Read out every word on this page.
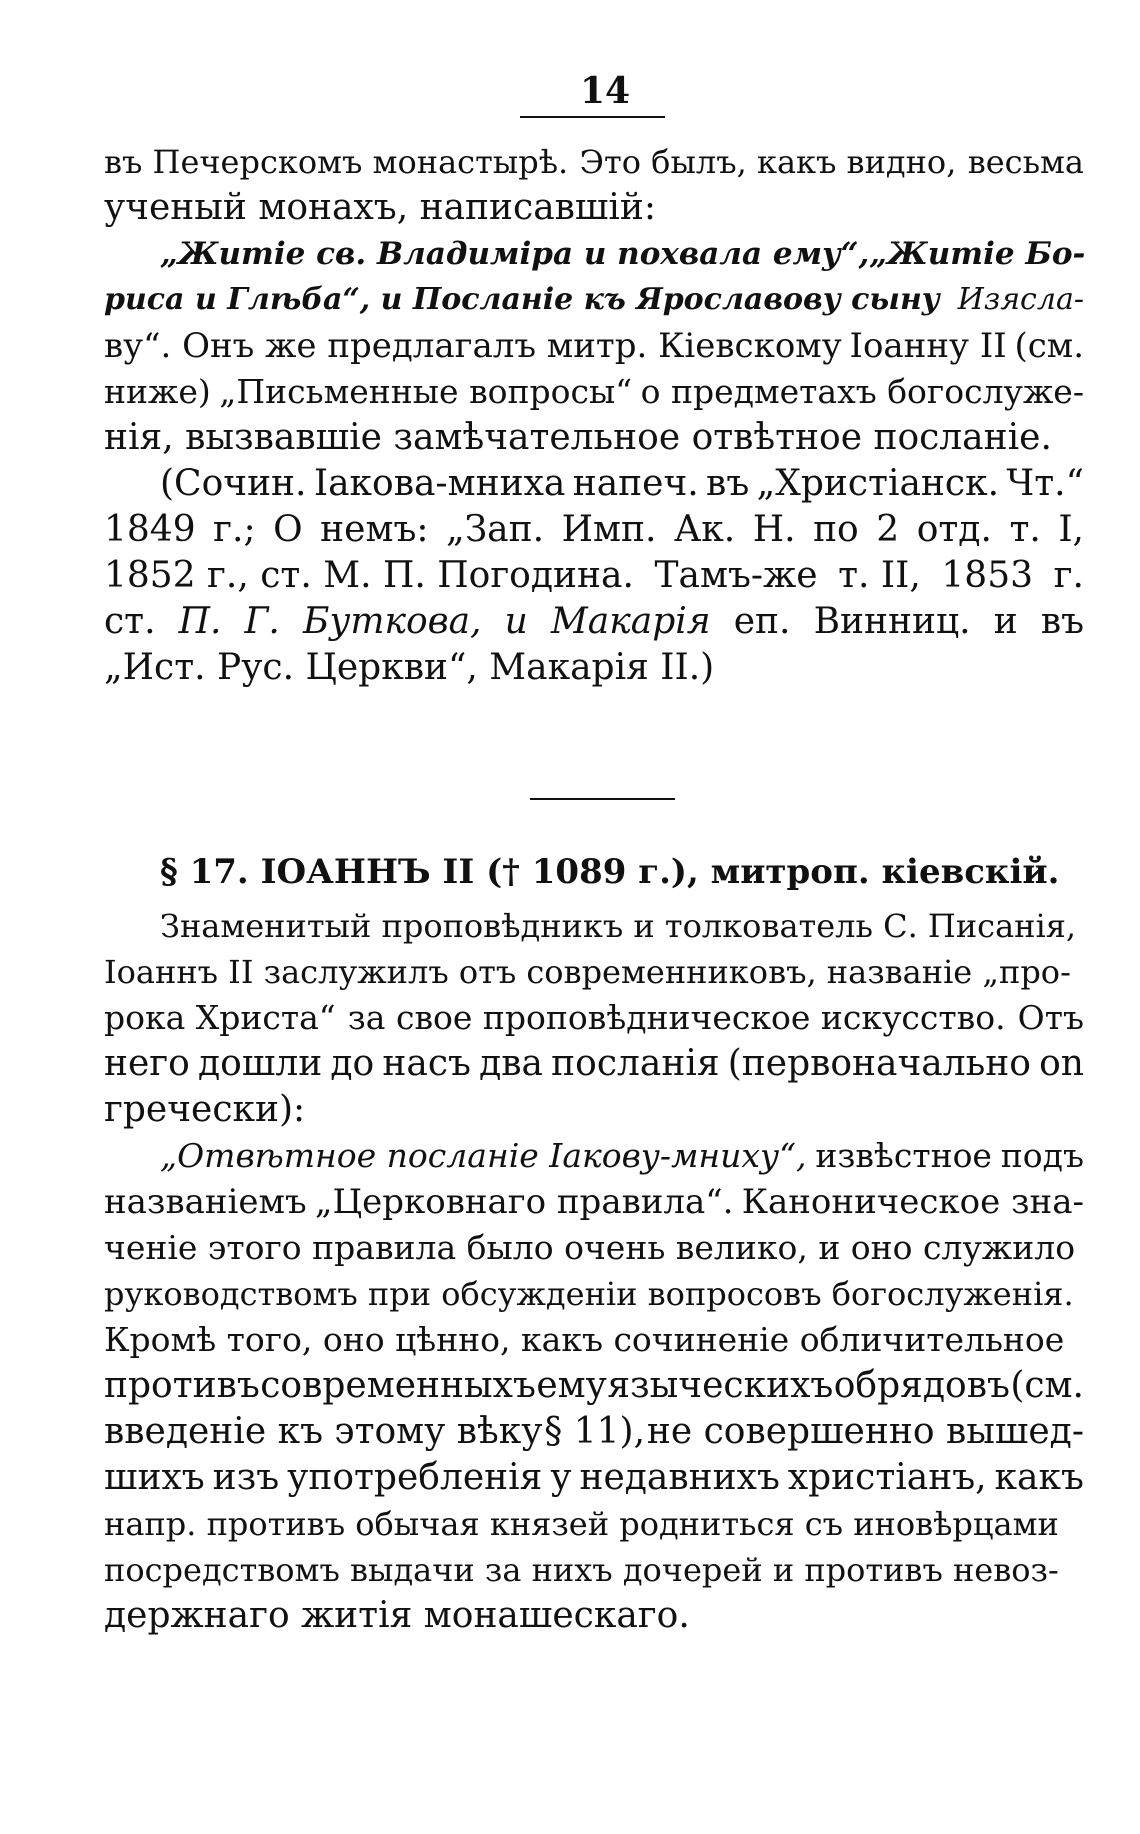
14
въ Печерскомъ монастырѣ. Это былъ, какъ видно, весьма
ученый монахъ, написавшій:
„Житіе св. Владиміра и похвала ему“, „Житіе Бо-
риса и Глѣба“, и Посланіе къ Ярославову сыну Изясла-
ву“. Онъ же предлагалъ митр. Кіевскому Іоанну II (см.
ниже) „Письменные вопросы“ о предметахъ богослуже-
нія, вызвавшіе замѣчательное отвѣтное посланіе.
(Сочин. Іакова-мниха напеч. въ „Христіанск. Чт.“
1849 г.; О немъ: „Зап. Имп. Ак. Н. по 2 отд. т. I,
1852 г., ст. М. П. Погодина. Тамъ-же т. II, 1853 г.
ст. П. Г. Буткова, и Макарія еп. Винниц. и въ
„Ист. Рус. Церкви“, Макарія II.)
§ 17. ІОАННЪ II († 1089 г.), митроп. кіевскій.
Знаменитый проповѣдникъ и толкователь С. Писанія,
Іоаннъ II заслужилъ отъ современниковъ, названіе „про-
рока Христа“ за свое проповѣдническое искусство. Отъ
него дошли до насъ два посланія (первоначально on
гречески):
„Отвѣтное посланіе Іакову-мниху“, извѣстное подъ
названіемъ „Церковнаго правила“. Каноническое зна-
ченіе этого правила было очень велико, и оно служило
руководствомъ при обсужденіи вопросовъ богослуженія.
Кромѣ того, оно цѣнно, какъ сочиненіе обличительное
противъ современныхъ ему языческихъ обрядовъ (см.
введеніе къ этому вѣку § 11), не совершенно вышед-
шихъ изъ употребленія у недавнихъ христіанъ, какъ
напр. противъ обычая князей родниться съ иновѣрцами
посредствомъ выдачи за нихъ дочерей и противъ невоз-
держнаго житія монашескаго.
